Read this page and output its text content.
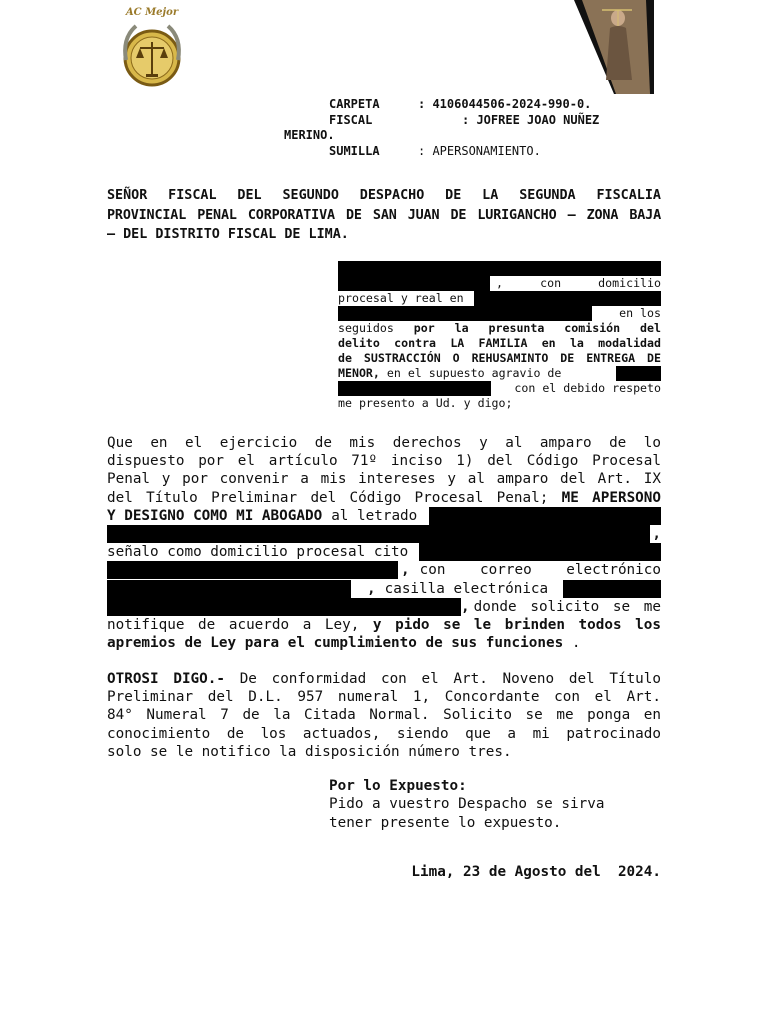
AC Mejor
CARPETA	: 4106044506-2024-990-0.
FISCAL	: JOFREE JOAO NUÑEZ
MERINO.
SUMILLA	: APERSONAMIENTO.
SEÑOR FISCAL DEL SEGUNDO DESPACHO DE LA SEGUNDA FISCALIA
PROVINCIAL PENAL CORPORATIVA DE SAN JUAN DE LURIGANCHO – ZONA BAJA
– DEL DISTRITO FISCAL DE LIMA.
, con domicilio
procesal y real en
en los
seguidos por la presunta comisión del
delito contra LA FAMILIA en la modalidad
de SUSTRACCIÓN O REHUSAMINTO DE ENTREGA DE
MENOR, en el supuesto agravio de
con el debido respeto
me presento a Ud. y digo;
Que en el ejercicio de mis derechos y al amparo de lo
dispuesto por el artículo 71º inciso 1) del Código Procesal
Penal y por convenir a mis intereses y al amparo del Art. IX
del Título Preliminar del Código Procesal Penal; ME APERSONO
Y DESIGNO COMO MI ABOGADO al letrado
,
señalo como domicilio procesal cito
, con correo electrónico
, casilla electrónica
, donde solicito se me
notifique de acuerdo a Ley, y pido se le brinden todos los
apremios de Ley para el cumplimiento de sus funciones .
OTROSI DIGO.- De conformidad con el Art. Noveno del Título
Preliminar del D.L. 957 numeral 1, Concordante con el Art.
84° Numeral 7 de la Citada Normal. Solicito se me ponga en
conocimiento de los actuados, siendo que a mi patrocinado
solo se le notifico la disposición número tres.
Por lo Expuesto:
Pido a vuestro Despacho se sirva
tener presente lo expuesto.
Lima, 23 de Agosto del  2024.
